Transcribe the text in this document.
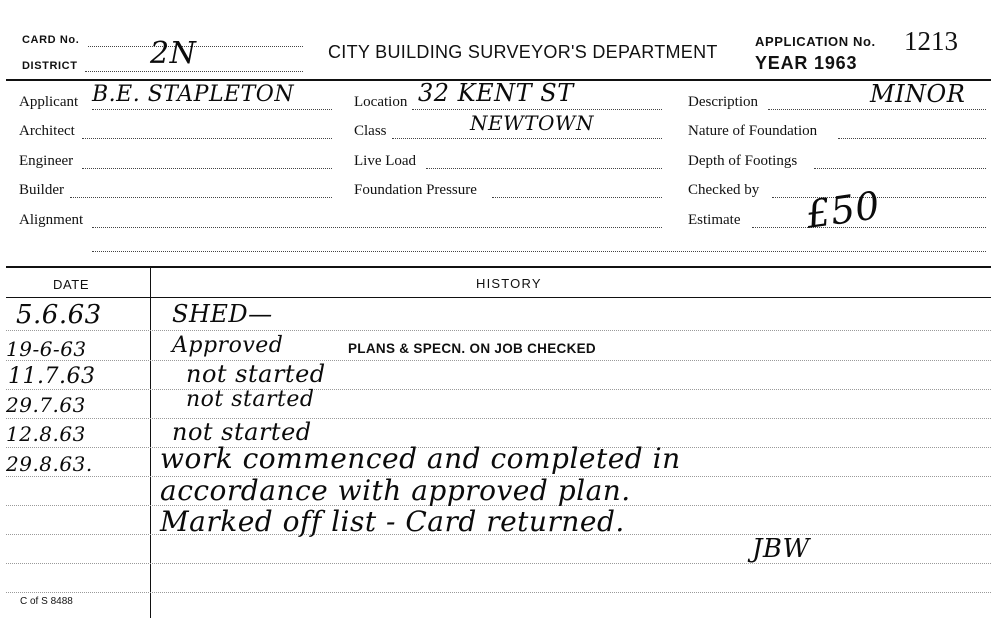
CARD No.
DISTRICT 2N	CITY BUILDING SURVEYOR'S DEPARTMENT
APPLICATION No. 1213
YEAR 1963
Applicant B.E. STAPLETON
Architect
Engineer
Builder
Alignment
Location 32 KENT ST
Class	NEWTOWN
Live Load
Foundation Pressure
Description	MINOR
Nature of Foundation
Depth of Footings
Checked by
Estimate £50
DATE	HISTORY
5.6.63	SHED—
19-6-63	Approved	PLANS & SPECN. ON JOB CHECKED
11.7.63	not started
29.7.63	not started
12.8.63	not started
29.8.63. work commenced and completed in
accordance with approved plan.
Marked off list - Card returned.
JBW
C of S 8488
